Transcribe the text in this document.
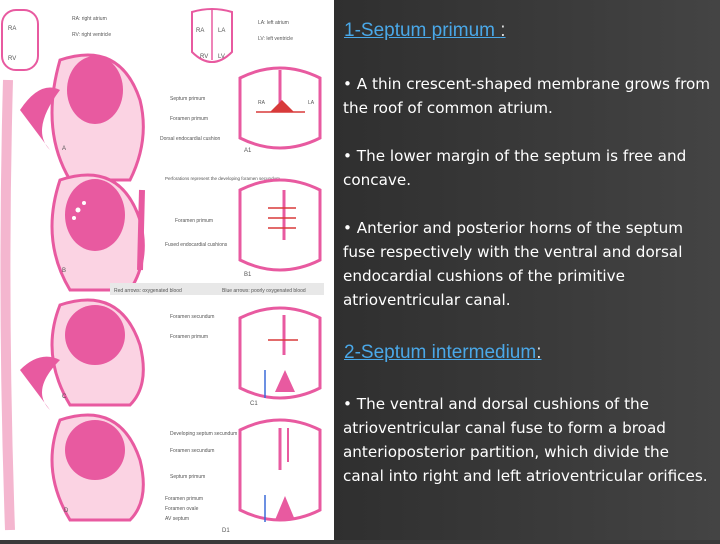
RA
RV
RA: right atrium
RV: right ventricle
RA LA
RV LV
LA: left atrium
LV: left ventricle
A
Septum primum
Foramen primum
Dorsal endocardial cushion
RA	LA
A1
B
Perforations represent the developing foramen secundum
Foramen primum
Fused endocardial cushions
B1
Red arrows: oxygenated blood	Blue arrows: poorly oxygenated blood
C
Foramen secundum
Foramen primum
C1
D
Developing septum secundum
Foramen secundum
Septum primum
Foramen primum
Foramen ovale
AV septum
D1
1-Septum primum :
• A thin crescent-shaped membrane grows from the roof of common atrium.
• The lower margin of the septum is free and concave.
• Anterior and posterior horns of the septum fuse respectively with the ventral and dorsal endocardial cushions of the primitive atrioventricular canal.
2-Septum intermedium:
• The ventral and dorsal cushions of the atrioventricular canal fuse to form a broad anterioposterior partition, which divide the canal into right and left atrioventricular orifices.
